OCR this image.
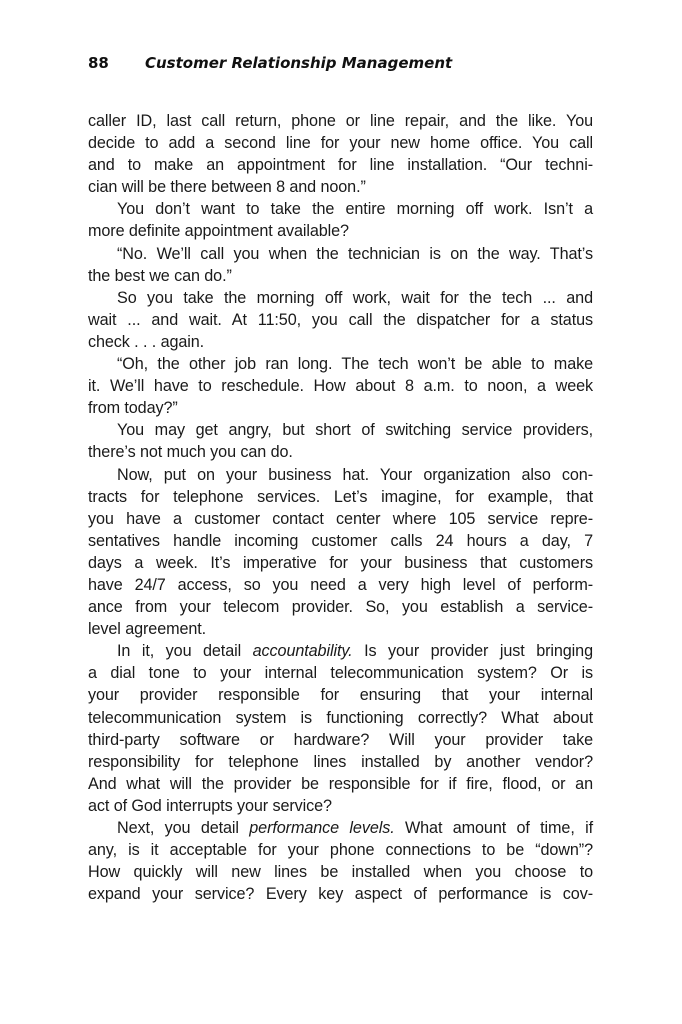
88 Customer Relationship Management
caller ID, last call return, phone or line repair, and the like. You
decide to add a second line for your new home office. You call
and to make an appointment for line installation. “Our techni-
cian will be there between 8 and noon.”
You don’t want to take the entire morning off work. Isn’t a
more definite appointment available?
“No. We’ll call you when the technician is on the way. That’s
the best we can do.”
So you take the morning off work, wait for the tech ... and
wait ... and wait. At 11:50, you call the dispatcher for a status
check . . . again.
“Oh, the other job ran long. The tech won’t be able to make
it. We’ll have to reschedule. How about 8 a.m. to noon, a week
from today?”
You may get angry, but short of switching service providers,
there’s not much you can do.
Now, put on your business hat. Your organization also con-
tracts for telephone services. Let’s imagine, for example, that
you have a customer contact center where 105 service repre-
sentatives handle incoming customer calls 24 hours a day, 7
days a week. It’s imperative for your business that customers
have 24/7 access, so you need a very high level of perform-
ance from your telecom provider. So, you establish a service-
level agreement.
In it, you detail accountability. Is your provider just bringing
a dial tone to your internal telecommunication system? Or is
your provider responsible for ensuring that your internal
telecommunication system is functioning correctly? What about
third-party software or hardware? Will your provider take
responsibility for telephone lines installed by another vendor?
And what will the provider be responsible for if fire, flood, or an
act of God interrupts your service?
Next, you detail performance levels. What amount of time, if
any, is it acceptable for your phone connections to be “down”?
How quickly will new lines be installed when you choose to
expand your service? Every key aspect of performance is cov-
